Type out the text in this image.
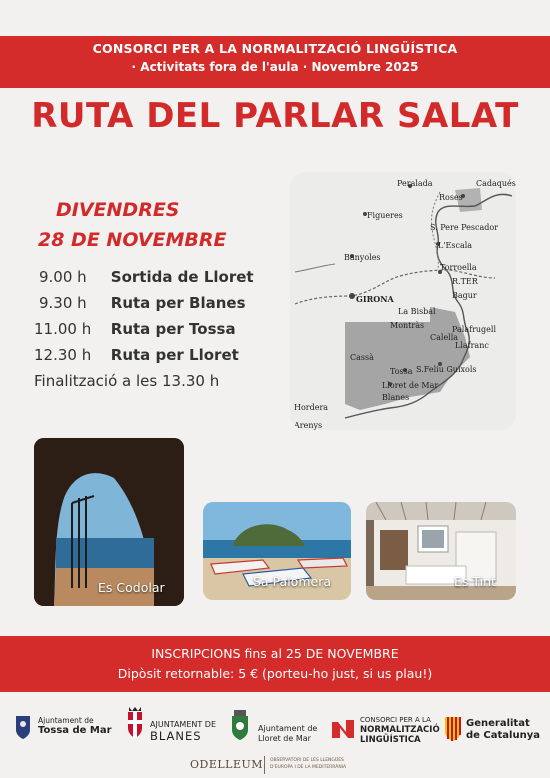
CONSORCI PER A LA NORMALITZACIÓ LINGÜÍSTICA
· Activitats fora de l'aula · Novembre 2025
RUTA DEL PARLAR SALAT
DIVENDRES
28 DE NOVEMBRE
9.00 h Sortida de Lloret
9.30 h Ruta per Blanes
11.00 h Ruta per Tossa
12.30 h Ruta per Lloret
Finalització a les 13.30 h
Peralada	Cadaqués
Roses
Figueres
S. Pere Pescador
L'Escala
Banyoles
Torroella
R.TER
GIRONA	Bagur
La Bisbal
Palafrugell
Montràs
Calella
Llafranc
S.Feliu Guixols
Cassà
Tossa
Lloret de Mar
Blanes
Hordera
Arenys
Es Codolar	Sa Palomera	Es Tint
INSCRIPCIONS fins al 25 DE NOVEMBRE
Dipòsit retornable: 5 € (porteu-ho just, si us plau!)
Ajuntament de
Tossa de Mar
AJUNTAMENT DE
BLANES
Ajuntament de
Lloret de Mar
CONSORCI PER A LA
NORMALITZACIÓ
LINGÜÍSTICA
Generalitat
de Catalunya
ODELLEUM OBSERVATORI DE LES LLENGÜES
D'EUROPA I DE LA MEDITERRÀNIA
